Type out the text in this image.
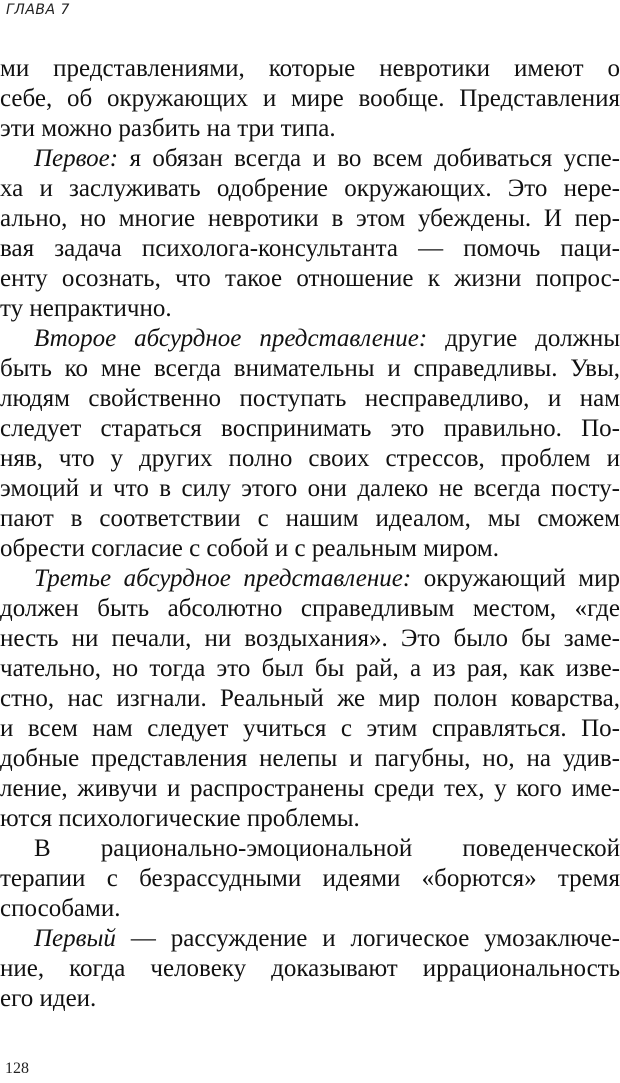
ГЛАВА 7
ми представлениями, которые невротики имеют о
себе, об окружающих и мире вообще. Представления
эти можно разбить на три типа.
Первое: я обязан всегда и во всем добиваться успе-
ха и заслуживать одобрение окружающих. Это нере-
ально, но многие невротики в этом убеждены. И пер-
вая задача психолога-консультанта — помочь паци-
енту осознать, что такое отношение к жизни попрос-
ту непрактично.
Второе абсурдное представление: другие должны
быть ко мне всегда внимательны и справедливы. Увы,
людям свойственно поступать несправедливо, и нам
следует стараться воспринимать это правильно. По-
няв, что у других полно своих стрессов, проблем и
эмоций и что в силу этого они далеко не всегда посту-
пают в соответствии с нашим идеалом, мы сможем
обрести согласие с собой и с реальным миром.
Третье абсурдное представление: окружающий мир
должен быть абсолютно справедливым местом, «где
несть ни печали, ни воздыхания». Это было бы заме-
чательно, но тогда это был бы рай, а из рая, как изве-
стно, нас изгнали. Реальный же мир полон коварства,
и всем нам следует учиться с этим справляться. По-
добные представления нелепы и пагубны, но, на удив-
ление, живучи и распространены среди тех, у кого име-
ются психологические проблемы.
В рационально-эмоциональной поведенческой
терапии с безрассудными идеями «борются» тремя
способами.
Первый — рассуждение и логическое умозаключе-
ние, когда человеку доказывают иррациональность
его идеи.
128
